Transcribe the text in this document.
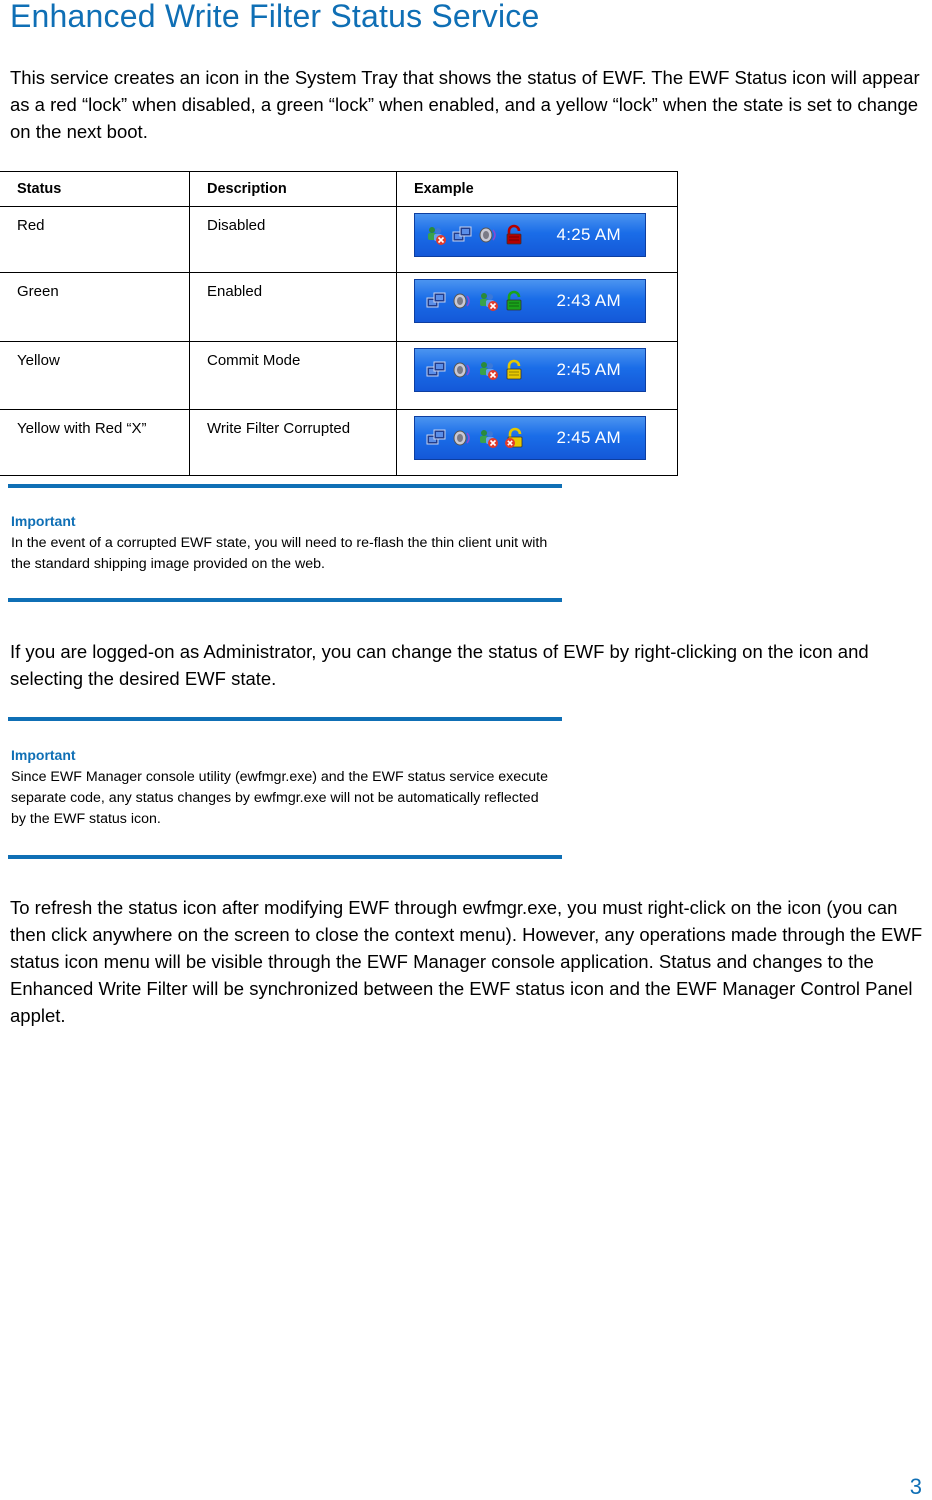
Enhanced Write Filter Status Service
This service creates an icon in the System Tray that shows the status of EWF. The EWF Status icon will appear as a red “lock” when disabled, a green “lock” when enabled, and a yellow “lock” when the state is set to change on the next boot.
Status	Description	Example
Red	Disabled	4:25 AM

Green	Enabled	2:43 AM

Yellow	Commit Mode	2:45 AM

Yellow with Red “X”	Write Filter Corrupted	2:45 AM
Important
In the event of a corrupted EWF state, you will need to re-flash the thin client unit with the standard shipping image provided on the web.
If you are logged-on as Administrator, you can change the status of EWF by right-clicking on the icon and selecting the desired EWF state.
Important
Since EWF Manager console utility (ewfmgr.exe) and the EWF status service execute separate code, any status changes by ewfmgr.exe will not be automatically reflected by the EWF status icon.
To refresh the status icon after modifying EWF through ewfmgr.exe, you must right-click on the icon (you can then click anywhere on the screen to close the context menu). However, any operations made through the EWF status icon menu will be visible through the EWF Manager console application. Status and changes to the Enhanced Write Filter will be synchronized between the EWF status icon and the EWF Manager Control Panel applet.
3
